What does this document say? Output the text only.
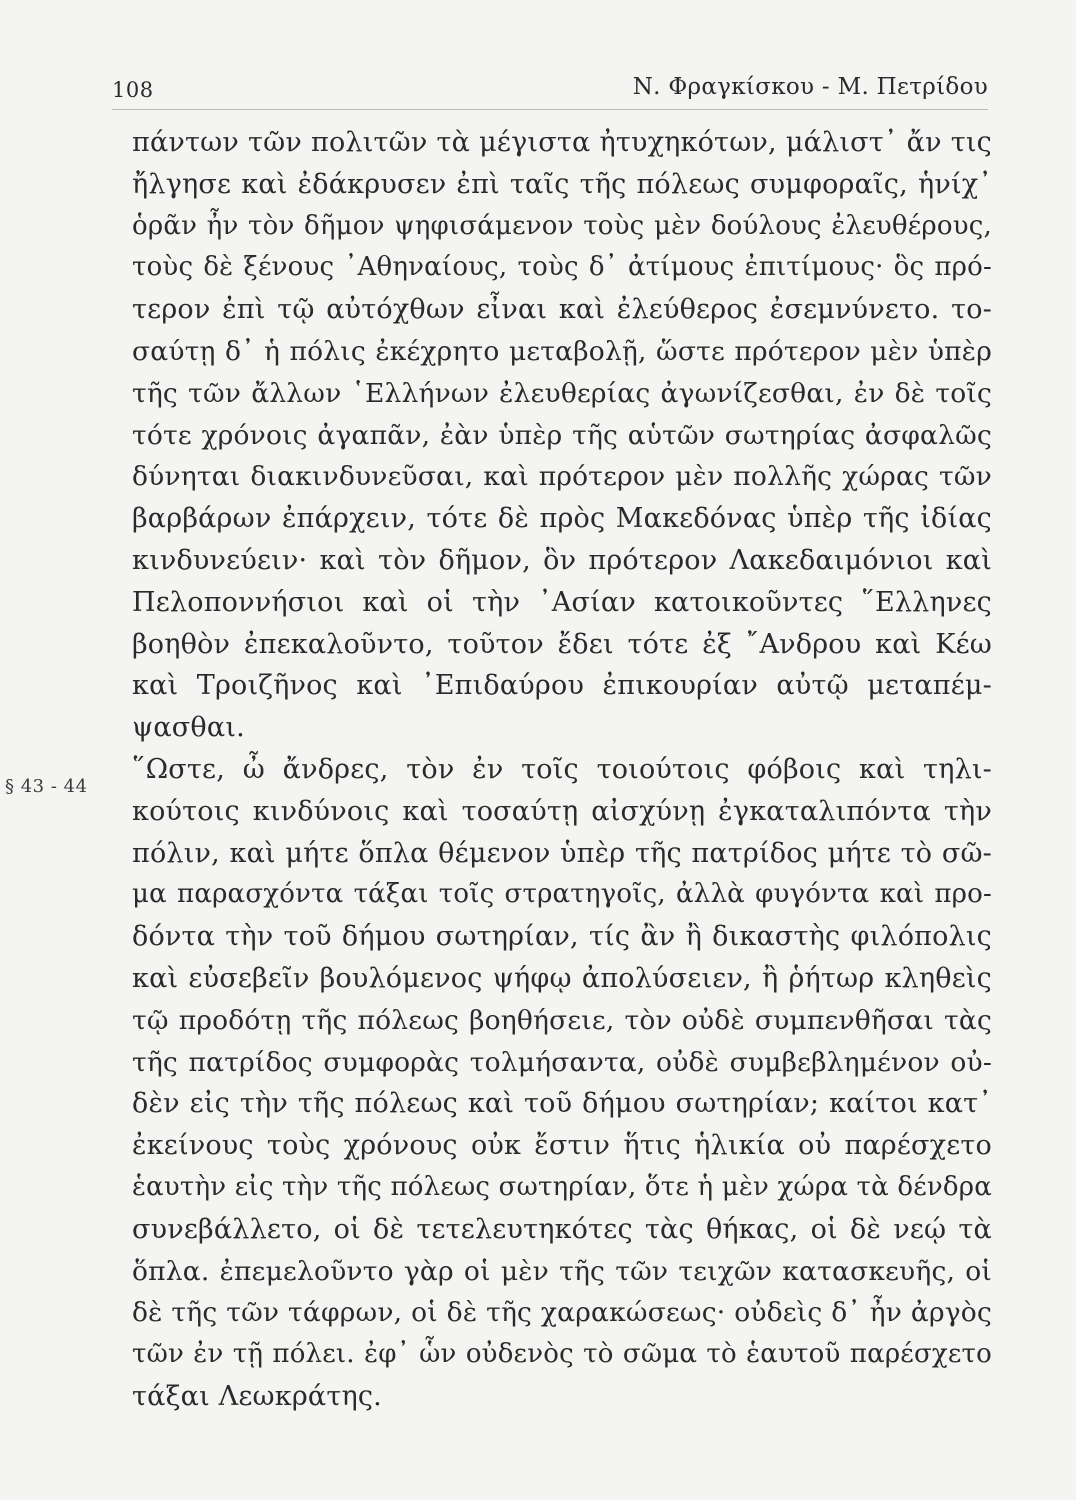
108	Ν. Φραγκίσκου - Μ. Πετρίδου
§ 43 - 44
πάντων τῶν πολιτῶν τὰ μέγιστα ἠτυχηκότων, μάλιστ᾿ ἄν τις
ἤλγησε καὶ ἐδάκρυσεν ἐπὶ ταῖς τῆς πόλεως συμφοραῖς, ἡνίχ᾿
ὁρᾶν ἦν τὸν δῆμον ψηφισάμενον τοὺς μὲν δούλους ἐλευθέρους,
τοὺς δὲ ξένους ᾿Αθηναίους, τοὺς δ᾿ ἀτίμους ἐπιτίμους· ὃς πρό-
τερον ἐπὶ τῷ αὐτόχθων εἶναι καὶ ἐλεύθερος ἐσεμνύνετο. το-
σαύτῃ δ᾿ ἡ πόλις ἐκέχρητο μεταβολῇ, ὥστε πρότερον μὲν ὑπὲρ
τῆς τῶν ἄλλων ῾Ελλήνων ἐλευθερίας ἀγωνίζεσθαι, ἐν δὲ τοῖς
τότε χρόνοις ἀγαπᾶν, ἐὰν ὑπὲρ τῆς αὑτῶν σωτηρίας ἀσφαλῶς
δύνηται διακινδυνεῦσαι, καὶ πρότερον μὲν πολλῆς χώρας τῶν
βαρβάρων ἐπάρχειν, τότε δὲ πρὸς Μακεδόνας ὑπὲρ τῆς ἰδίας
κινδυνεύειν· καὶ τὸν δῆμον, ὃν πρότερον Λακεδαιμόνιοι καὶ
Πελοποννήσιοι καὶ οἱ τὴν ᾿Ασίαν κατοικοῦντες ῞Ελληνες
βοηθὸν ἐπεκαλοῦντο, τοῦτον ἔδει τότε ἐξ ῎Ανδρου καὶ Κέω
καὶ Τροιζῆνος καὶ ᾿Επιδαύρου ἐπικουρίαν αὐτῷ μεταπέμ-
ψασθαι.
῞Ωστε, ὦ ἄνδρες, τὸν ἐν τοῖς τοιούτοις φόβοις καὶ τηλι-
κούτοις κινδύνοις καὶ τοσαύτῃ αἰσχύνῃ ἐγκαταλιπόντα τὴν
πόλιν, καὶ μήτε ὅπλα θέμενον ὑπὲρ τῆς πατρίδος μήτε τὸ σῶ-
μα παρασχόντα τάξαι τοῖς στρατηγοῖς, ἀλλὰ φυγόντα καὶ προ-
δόντα τὴν τοῦ δήμου σωτηρίαν, τίς ἂν ἢ δικαστὴς φιλόπολις
καὶ εὐσεβεῖν βουλόμενος ψήφῳ ἀπολύσειεν, ἢ ῥήτωρ κληθεὶς
τῷ προδότῃ τῆς πόλεως βοηθήσειε, τὸν οὐδὲ συμπενθῆσαι τὰς
τῆς πατρίδος συμφορὰς τολμήσαντα, οὐδὲ συμβεβλημένον οὐ-
δὲν εἰς τὴν τῆς πόλεως καὶ τοῦ δήμου σωτηρίαν; καίτοι κατ᾿
ἐκείνους τοὺς χρόνους οὐκ ἔστιν ἥτις ἡλικία οὐ παρέσχετο
ἑαυτὴν εἰς τὴν τῆς πόλεως σωτηρίαν, ὅτε ἡ μὲν χώρα τὰ δένδρα
συνεβάλλετο, οἱ δὲ τετελευτηκότες τὰς θήκας, οἱ δὲ νεῴ τὰ
ὅπλα. ἐπεμελοῦντο γὰρ οἱ μὲν τῆς τῶν τειχῶν κατασκευῆς, οἱ
δὲ τῆς τῶν τάφρων, οἱ δὲ τῆς χαρακώσεως· οὐδεὶς δ᾿ ἦν ἀργὸς
τῶν ἐν τῇ πόλει. ἐφ᾿ ὧν οὐδενὸς τὸ σῶμα τὸ ἑαυτοῦ παρέσχετο
τάξαι Λεωκράτης.
